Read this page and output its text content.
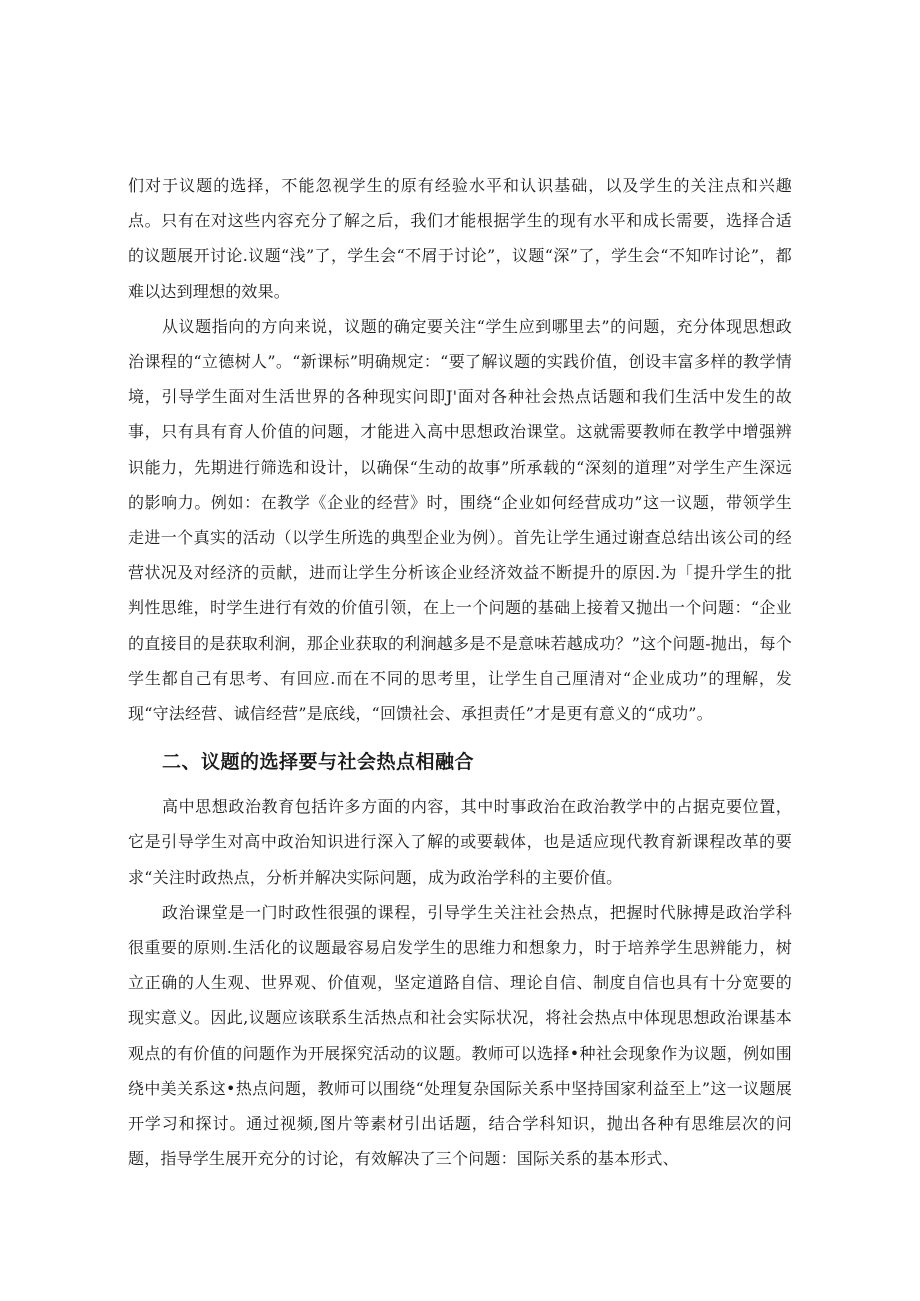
们对于议题的选择，不能忽视学生的原有经验水平和认识基础，以及学生的关注点和兴趣点。只有在对这些内容充分了解之后，我们才能根据学生的现有水平和成长需要，选择合适的议题展开讨论.议题“浅”了，学生会“不屑于讨论”，议题“深”了，学生会“不知咋讨论”，都难以达到理想的效果。

从议题指向的方向来说，议题的确定要关注“学生应到哪里去”的问题，充分体现思想政治课程的“立德树人”。“新课标”明确规定：“要了解议题的实践价值，创设丰富多样的教学情境，引导学生面对生活世界的各种现实问即J'面对各种社会热点话题和我们生活中发生的故事，只有具有育人价值的问题，才能进入高中思想政治课堂。这就需要教师在教学中增强辨识能力，先期进行筛选和设计，以确保“生动的故事”所承载的“深刻的道理”对学生产生深远的影响力。例如：在教学《企业的经营》时，围绕“企业如何经营成功”这一议题，带领学生走进一个真实的活动（以学生所选的典型企业为例）。首先让学生通过谢查总结出该公司的经营状况及对经济的贡献，进而让学生分析该企业经济效益不断提升的原因.为「提升学生的批判性思维，时学生进行有效的价值引领，在上一个问题的基础上接着又抛出一个问题：“企业的直接目的是获取利涧，那企业获取的利涧越多是不是意味若越成功？”这个问题-抛出，每个学生都自己有思考、有回应.而在不同的思考里，让学生自己厘清对“企业成功”的理解，发现“守法经营、诚信经营”是底线，“回馈社会、承担责任”才是更有意义的“成功”。

二、议题的选择要与社会热点相融合

高中思想政治教育包括许多方面的内容，其中时事政治在政治教学中的占据克要位置，它是引导学生对高中政治知识进行深入了解的或要载体，也是适应现代教育新课程改革的要求“关注时政热点，分析并解决实际问题，成为政治学科的主要价值。

政治课堂是一门时政性很强的课程，引导学生关注社会热点，把握时代脉搏是政治学科很重要的原则.生活化的议题最容易启发学生的思维力和想象力，时于培养学生思辨能力，树立正确的人生观、世界观、价值观，坚定道路自信、理论自信、制度自信也具有十分宽要的现实意义。因此,议题应该联系生活热点和社会实际状况，将社会热点中体现思想政治课基本观点的有价值的问题作为开展探究活动的议题。教师可以选择•种社会现象作为议题，例如围绕中美关系这•热点问题，教师可以围绕“处理复杂国际关系中坚持国家利益至上”这一议题展开学习和探讨。通过视频,图片等素材引出话题，结合学科知识，抛出各种有思维层次的问题，指导学生展开充分的讨论，有效解决了三个问题：国际关系的基本形式、
